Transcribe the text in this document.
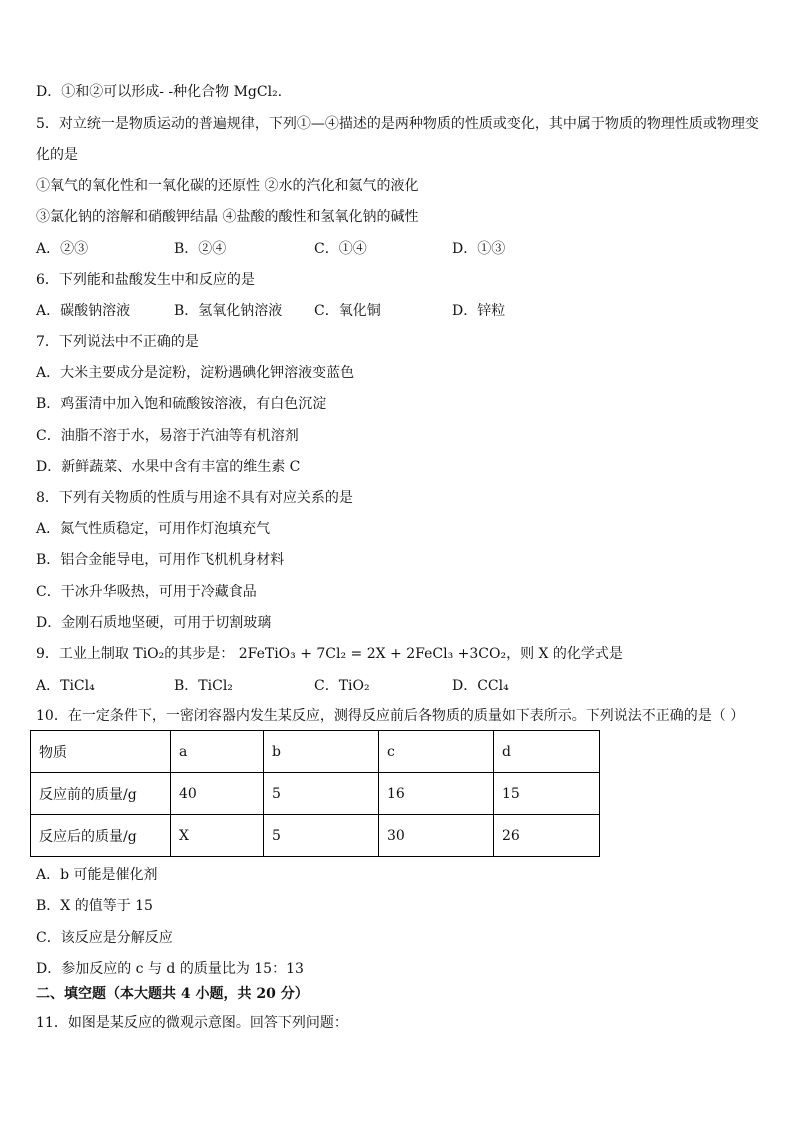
D．①和②可以形成- -种化合物 MgCl₂.
5．对立统一是物质运动的普遍规律，下列①—④描述的是两种物质的性质或变化，其中属于物质的物理性质或物理变
化的是
①氧气的氧化性和一氧化碳的还原性 ②水的汽化和氦气的液化
③氯化钠的溶解和硝酸钾结晶 ④盐酸的酸性和氢氧化钠的碱性
A．②③	B．②④	C．①④	D．①③
6．下列能和盐酸发生中和反应的是
A．碳酸钠溶液	B．氢氧化钠溶液 C．氧化铜	D．锌粒
7．下列说法中不正确的是
A．大米主要成分是淀粉，淀粉遇碘化钾溶液变蓝色
B．鸡蛋清中加入饱和硫酸铵溶液，有白色沉淀
C．油脂不溶于水，易溶于汽油等有机溶剂
D．新鲜蔬菜、水果中含有丰富的维生素 C
8．下列有关物质的性质与用途不具有对应关系的是
A．氮气性质稳定，可用作灯泡填充气
B．铝合金能导电，可用作飞机机身材料
C．干冰升华吸热，可用于冷藏食品
D．金刚石质地坚硬，可用于切割玻璃
9．工业上制取 TiO₂的其步是： 2FeTiO₃ + 7Cl₂ = 2X + 2FeCl₃ +3CO₂，则 X 的化学式是
A．TiCl₄	B．TiCl₂	C．TiO₂	D．CCl₄
10．在一定条件下，一密闭容器内发生某反应，测得反应前后各物质的质量如下表所示。下列说法不正确的是（ ）
物质	a	b	c	d
反应前的质量/g	40	5	16	15
反应后的质量/g	X	5	30	26
A．b 可能是催化剂
B．X 的值等于 15
C．该反应是分解反应
D．参加反应的 c 与 d 的质量比为 15：13
二、填空题（本大题共 4 小题，共 20 分）
11．如图是某反应的微观示意图。回答下列问题：
